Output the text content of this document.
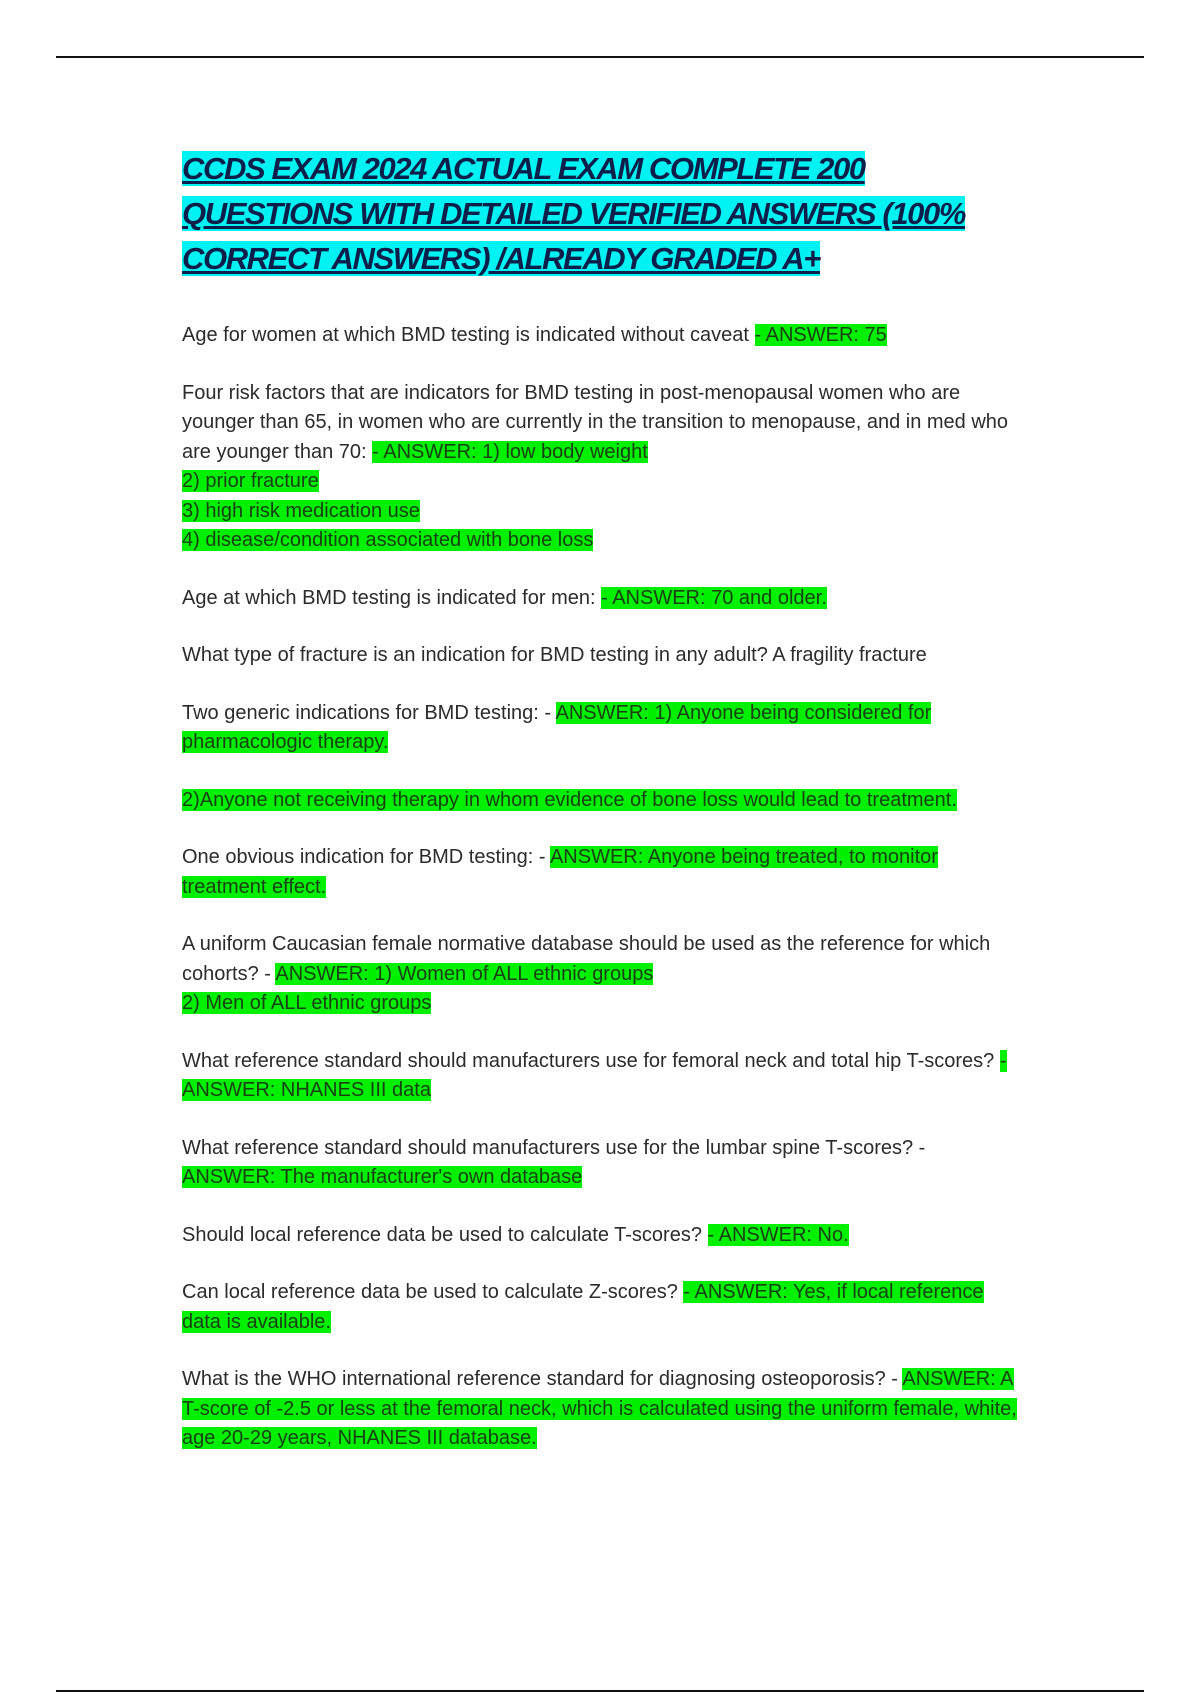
CCDS EXAM 2024 ACTUAL EXAM COMPLETE 200
QUESTIONS WITH DETAILED VERIFIED ANSWERS (100%
CORRECT ANSWERS) /ALREADY GRADED A+

Age for women at which BMD testing is indicated without caveat - ANSWER: 75

Four risk factors that are indicators for BMD testing in post-menopausal women who are younger than 65, in women who are currently in the transition to menopause, and in med who are younger than 70: - ANSWER: 1) low body weight
2) prior fracture
3) high risk medication use
4) disease/condition associated with bone loss

Age at which BMD testing is indicated for men: - ANSWER: 70 and older.

What type of fracture is an indication for BMD testing in any adult? A fragility fracture

Two generic indications for BMD testing: - ANSWER: 1) Anyone being considered for pharmacologic therapy.

2)Anyone not receiving therapy in whom evidence of bone loss would lead to treatment.

One obvious indication for BMD testing: - ANSWER: Anyone being treated, to monitor treatment effect.

A uniform Caucasian female normative database should be used as the reference for which cohorts? - ANSWER: 1) Women of ALL ethnic groups
2) Men of ALL ethnic groups

What reference standard should manufacturers use for femoral neck and total hip T-scores? - ANSWER: NHANES III data

What reference standard should manufacturers use for the lumbar spine T-scores? - ANSWER: The manufacturer's own database

Should local reference data be used to calculate T-scores? - ANSWER: No.

Can local reference data be used to calculate Z-scores? - ANSWER: Yes, if local reference data is available.

What is the WHO international reference standard for diagnosing osteoporosis? - ANSWER: A T-score of -2.5 or less at the femoral neck, which is calculated using the uniform female, white, age 20-29 years, NHANES III database.
